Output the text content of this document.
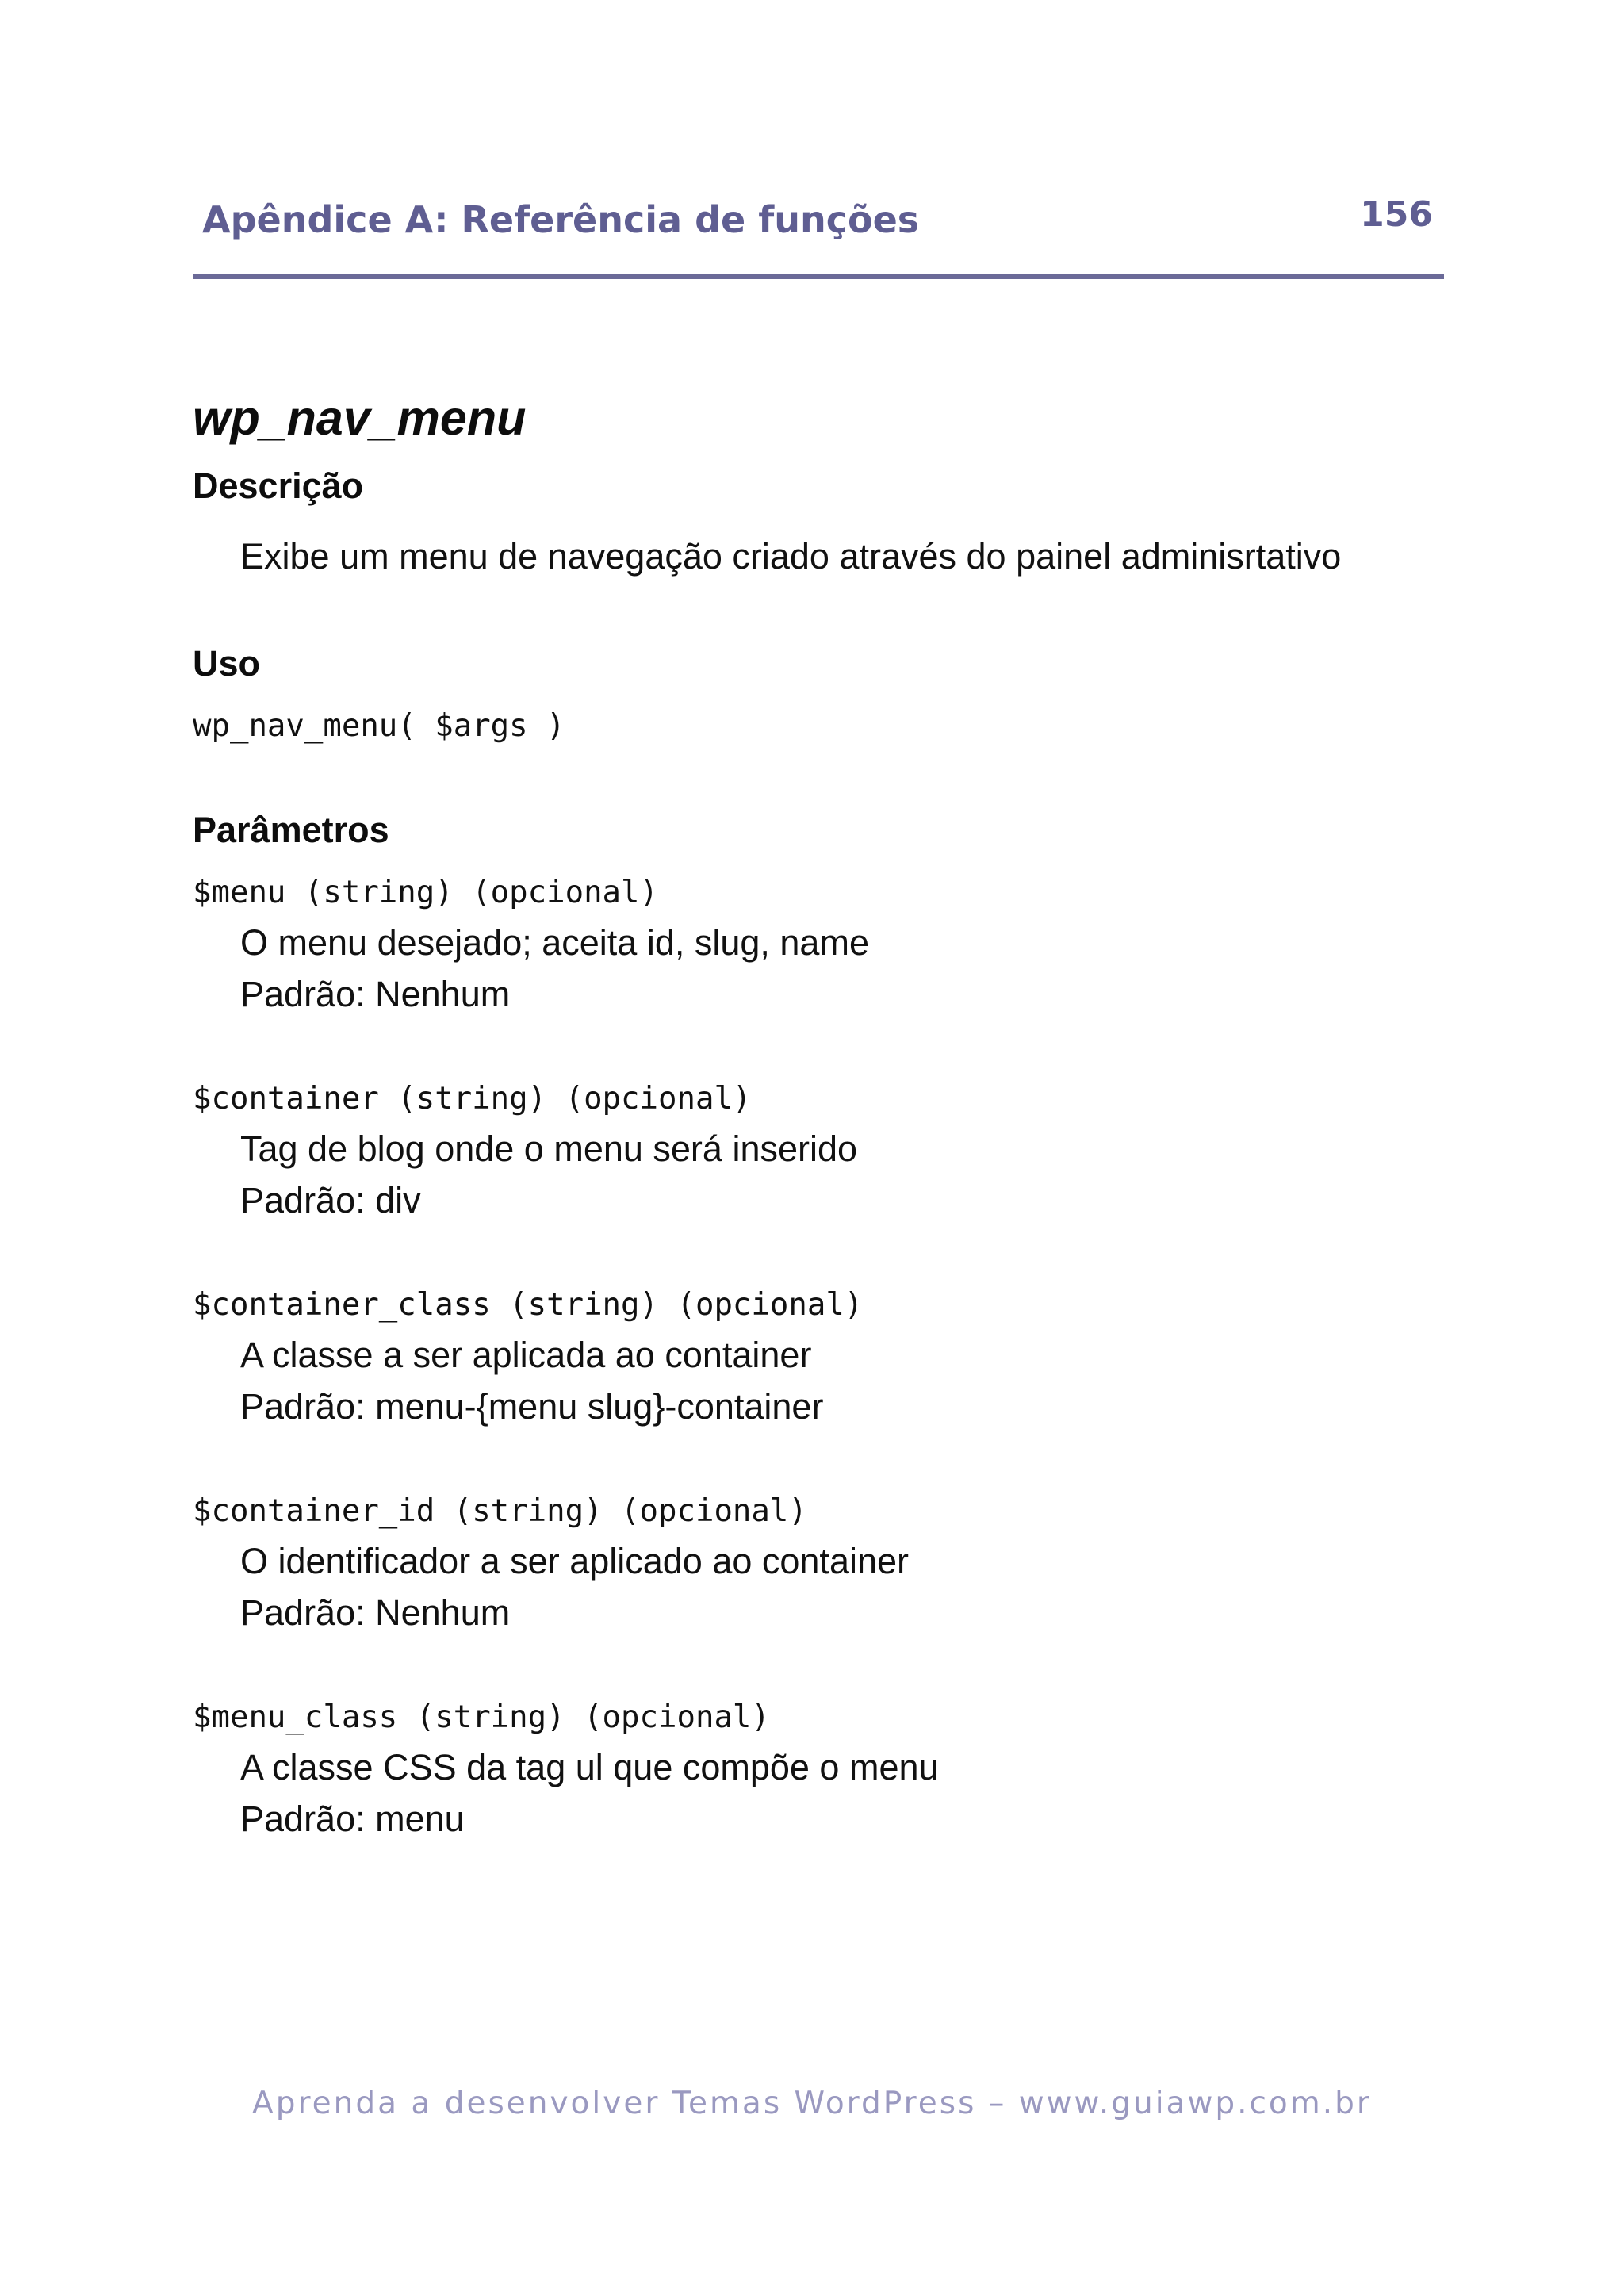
Apêndice A: Referência de funções	156
wp_nav_menu
Descrição
Exibe um menu de navegação criado através do painel adminisrtativo
Uso
wp_nav_menu( $args )
Parâmetros
$menu (string) (opcional)
O menu desejado; aceita id, slug, name
Padrão: Nenhum
$container (string) (opcional)
Tag de blog onde o menu será inserido
Padrão: div
$container_class (string) (opcional)
A classe a ser aplicada ao container
Padrão: menu-{menu slug}-container
$container_id (string) (opcional)
O identificador a ser aplicado ao container
Padrão: Nenhum
$menu_class (string) (opcional)
A classe CSS da tag ul que compõe o menu
Padrão: menu
Aprenda a desenvolver Temas WordPress – www.guiawp.com.br
